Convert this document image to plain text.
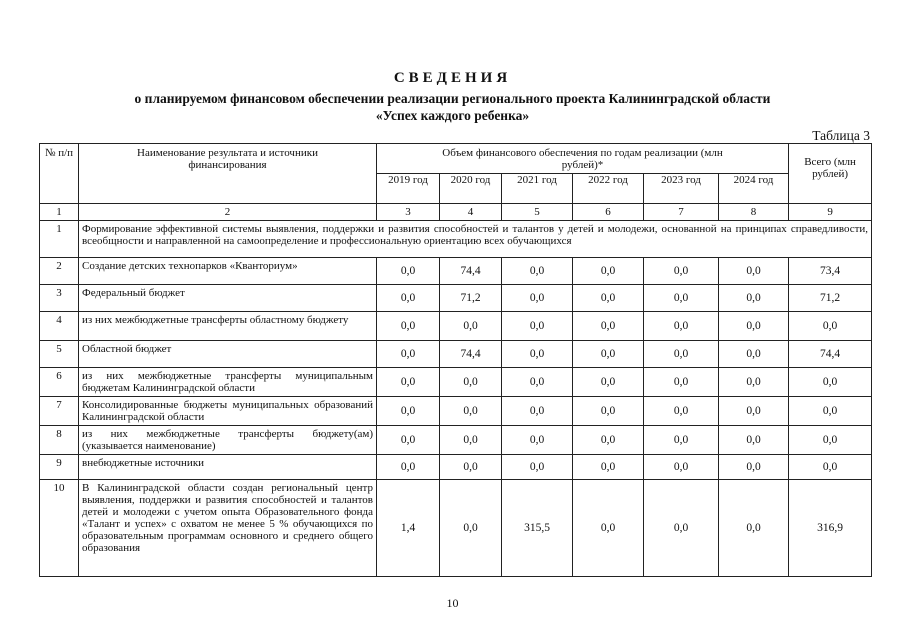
СВЕДЕНИЯ
о планируемом финансовом обеспечении реализации регионального проекта Калининградской области
«Успех каждого ребенка»
Таблица 3
№ п/п	Наименование результата и источники финансирования	Объем финансового обеспечения по годам реализации (млн рублей)*						Всего (млн рублей)
		2019 год	2020 год	2021 год	2022 год	2023 год	2024 год	
1	2	3	4	5	6	7	8	9
1	Формирование эффективной системы выявления, поддержки и развития способностей и талантов у детей и молодежи, основанной на принципах справедливости, всеобщности и направленной на самоопределение и профессиональную ориентацию всех обучающихся							
2	Создание детских технопарков «Кванториум»	0,0	74,4	0,0	0,0	0,0	0,0	73,4
3	Федеральный бюджет	0,0	71,2	0,0	0,0	0,0	0,0	71,2
4	из них межбюджетные трансферты областному бюджету	0,0	0,0	0,0	0,0	0,0	0,0	0,0
5	Областной бюджет	0,0	74,4	0,0	0,0	0,0	0,0	74,4
6	из них межбюджетные трансферты муниципальным бюджетам Калининградской области	0,0	0,0	0,0	0,0	0,0	0,0	0,0
7	Консолидированные бюджеты муниципальных образований Калининградской области	0,0	0,0	0,0	0,0	0,0	0,0	0,0
8	из них межбюджетные трансферты бюджету(ам) (указывается наименование)	0,0	0,0	0,0	0,0	0,0	0,0	0,0
9	внебюджетные источники	0,0	0,0	0,0	0,0	0,0	0,0	0,0
10	В Калининградской области создан региональный центр выявления, поддержки и развития способностей и талантов детей и молодежи с учетом опыта Образовательного фонда «Талант и успех» с охватом не менее 5 % обучающихся по образовательным программам основного и среднего общего образования	1,4	0,0	315,5	0,0	0,0	0,0	316,9
10
